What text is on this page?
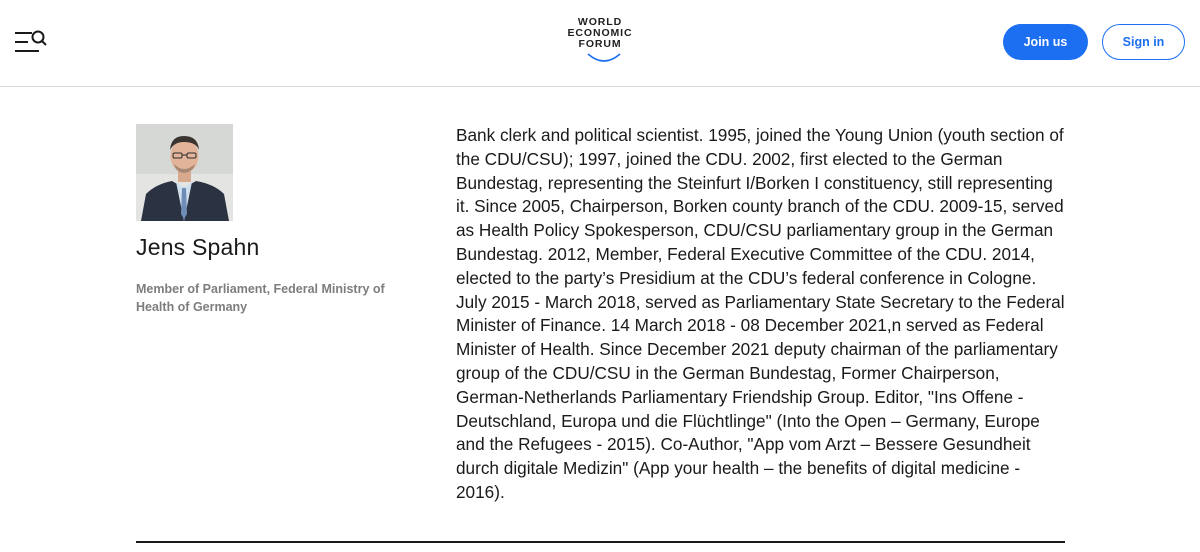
WORLD
ECONOMIC
FORUM	Join us	Sign in
Jens Spahn
Member of Parliament, Federal Ministry of Health of Germany
Bank clerk and political scientist. 1995, joined the Young Union (youth section of the CDU/CSU); 1997, joined the CDU. 2002, first elected to the German Bundestag, representing the Steinfurt I/Borken I constituency, still representing it. Since 2005, Chairperson, Borken county branch of the CDU. 2009-15, served as Health Policy Spokesperson, CDU/CSU parliamentary group in the German Bundestag. 2012, Member, Federal Executive Committee of the CDU. 2014, elected to the party’s Presidium at the CDU’s federal conference in Cologne. July 2015 - March 2018, served as Parliamentary State Secretary to the Federal Minister of Finance. 14 March 2018 - 08 December 2021,n served as Federal Minister of Health. Since December 2021 deputy chairman of the parliamentary group of the CDU/CSU in the German Bundestag, Former Chairperson, German-Netherlands Parliamentary Friendship Group. Editor, "Ins Offene - Deutschland, Europa und die Flüchtlinge" (Into the Open – Germany, Europe and the Refugees - 2015). Co-Author, "App vom Arzt – Bessere Gesundheit durch digitale Medizin" (App your health – the benefits of digital medicine - 2016).
